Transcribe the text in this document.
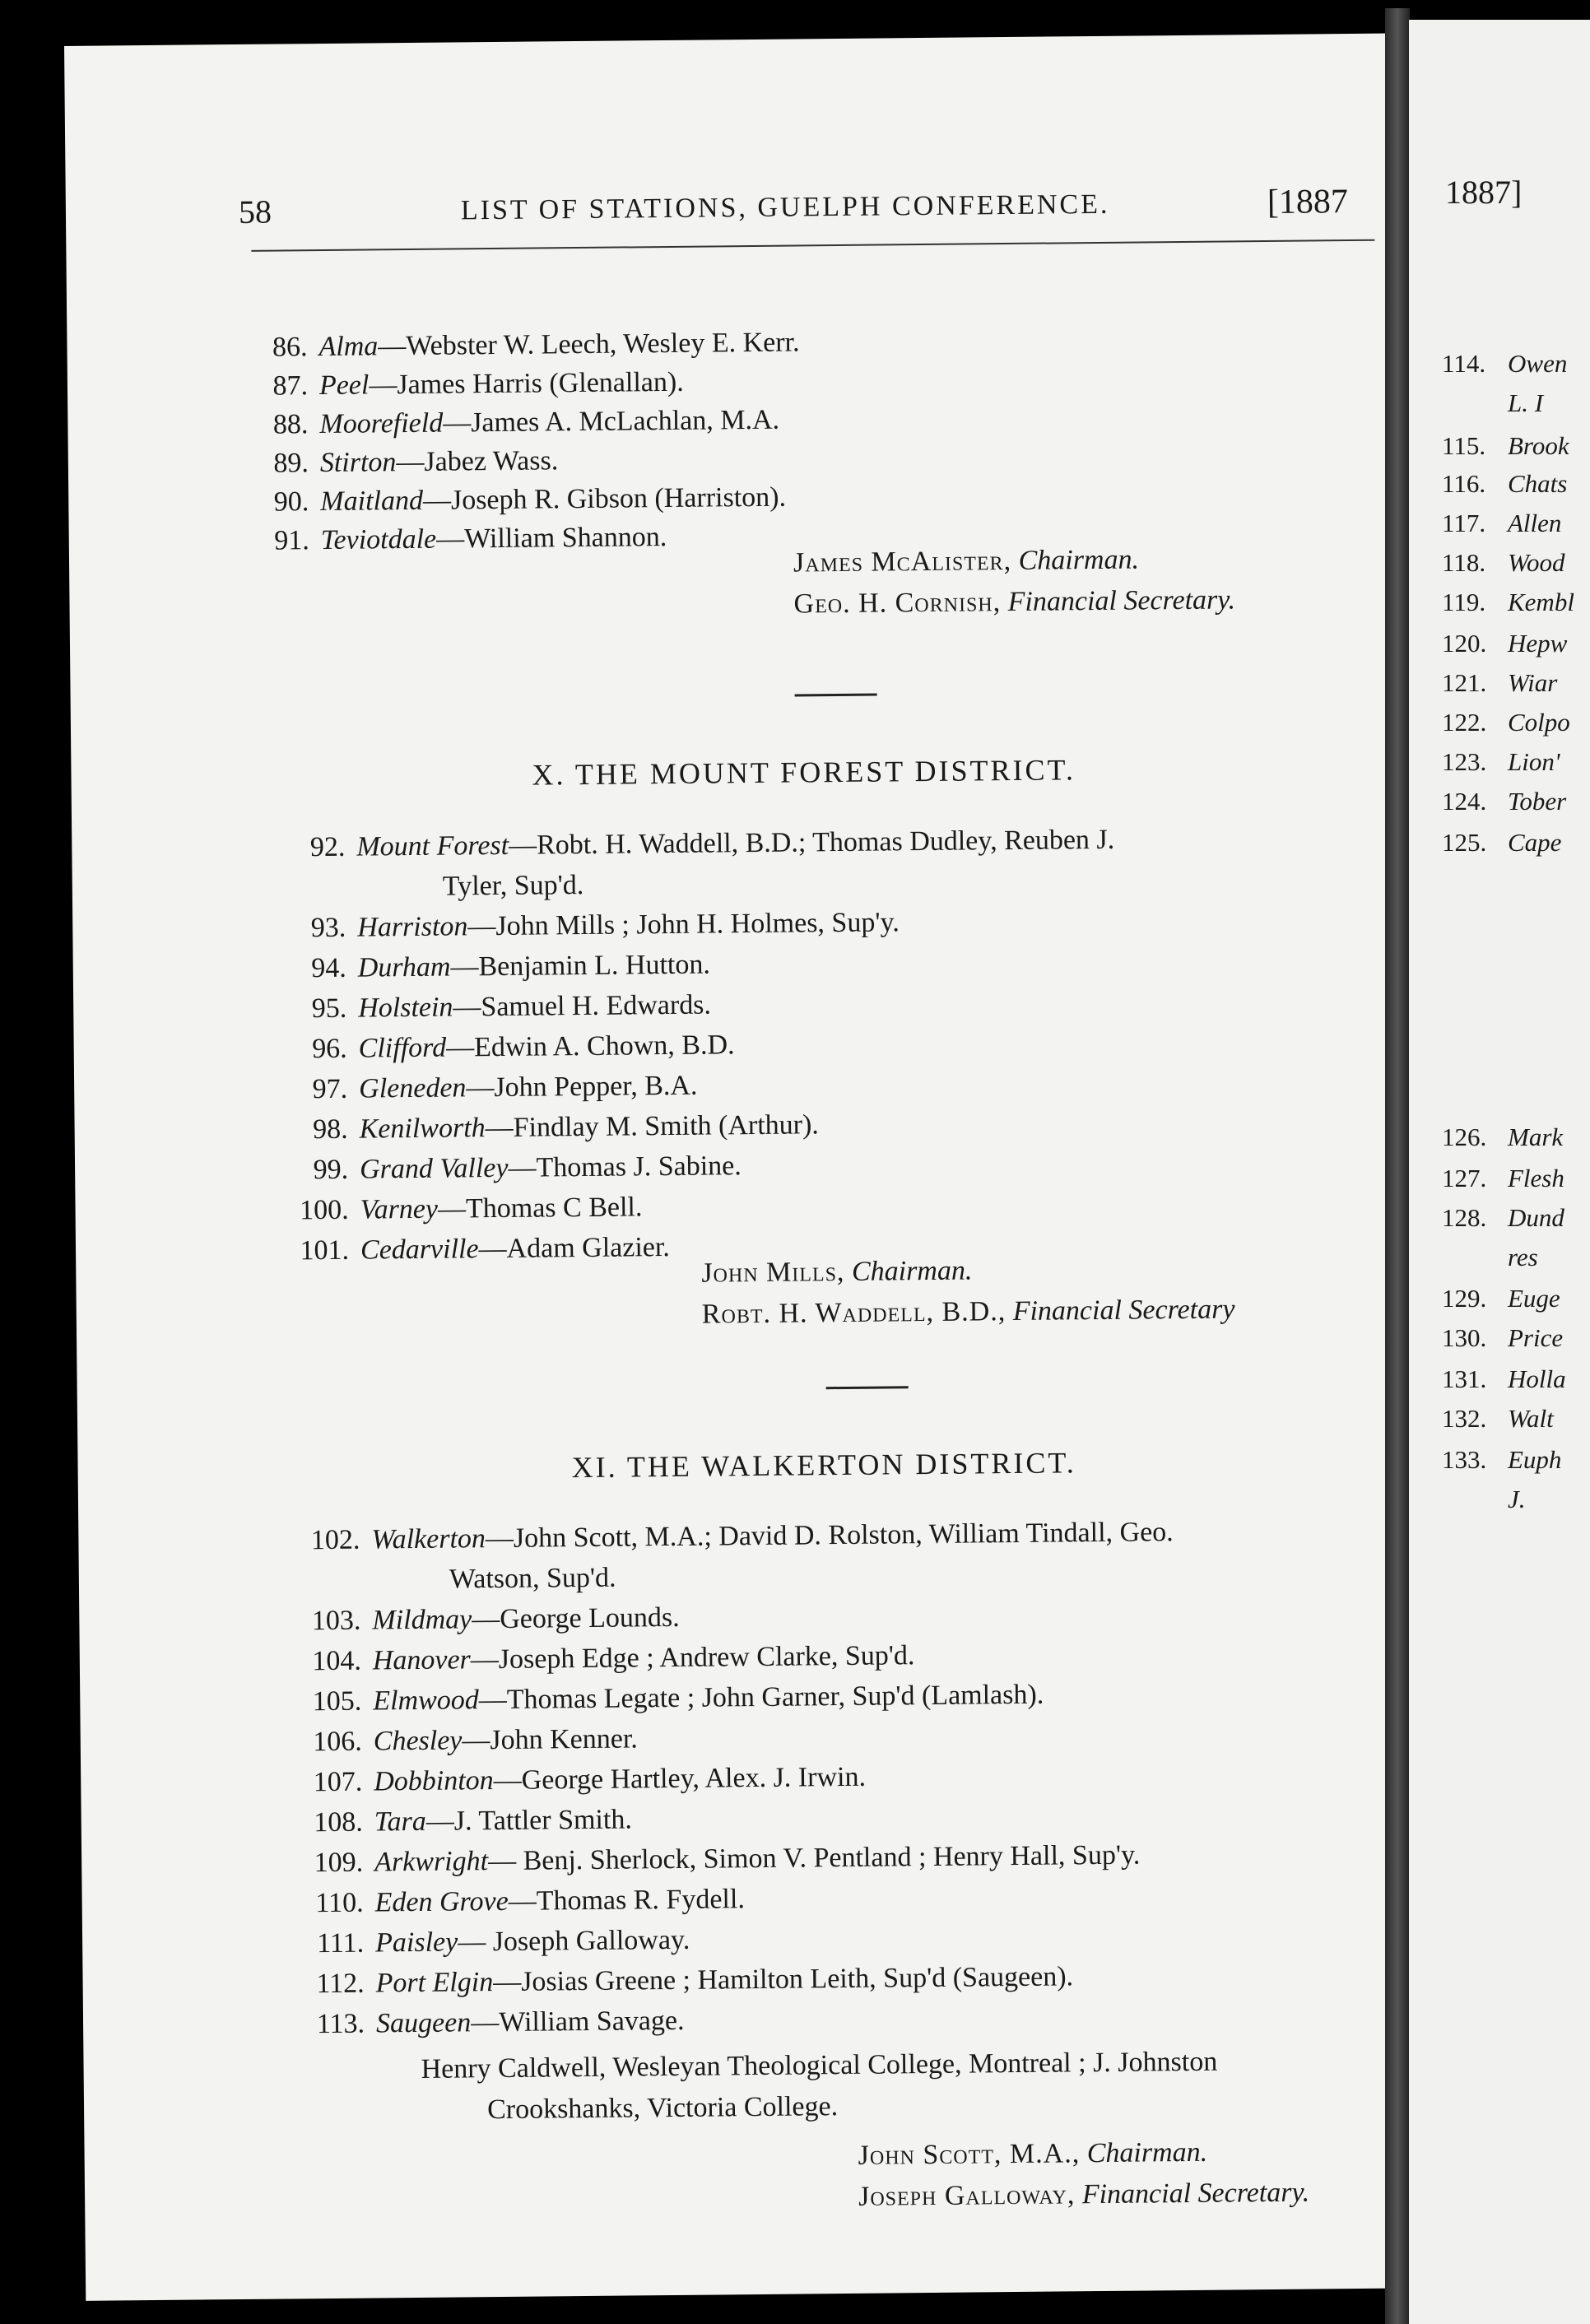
58	LIST OF STATIONS, GUELPH CONFERENCE.	[1887
86. Alma—Webster W. Leech, Wesley E. Kerr.
87. Peel—James Harris (Glenallan).
88. Moorefield—James A. McLachlan, M.A.
89. Stirton—Jabez Wass.
90. Maitland—Joseph R. Gibson (Harriston).
91. Teviotdale—William Shannon.
James McAlister, Chairman.
Geo. H. Cornish, Financial Secretary.
X. THE MOUNT FOREST DISTRICT.
92. Mount Forest—Robt. H. Waddell, B.D.; Thomas Dudley, Reuben J.
Tyler, Sup'd.
93. Harriston—John Mills ; John H. Holmes, Sup'y.
94. Durham—Benjamin L. Hutton.
95. Holstein—Samuel H. Edwards.
96. Clifford—Edwin A. Chown, B.D.
97. Gleneden—John Pepper, B.A.
98. Kenilworth—Findlay M. Smith (Arthur).
99. Grand Valley—Thomas J. Sabine.
100. Varney—Thomas C Bell.
101. Cedarville—Adam Glazier.
John Mills, Chairman.
Robt. H. Waddell, B.D., Financial Secretary
XI. THE WALKERTON DISTRICT.
102. Walkerton—John Scott, M.A.; David D. Rolston, William Tindall, Geo.
Watson, Sup'd.
103. Mildmay—George Lounds.
104. Hanover—Joseph Edge ; Andrew Clarke, Sup'd.
105. Elmwood—Thomas Legate ; John Garner, Sup'd (Lamlash).
106. Chesley—John Kenner.
107. Dobbinton—George Hartley, Alex. J. Irwin.
108. Tara—J. Tattler Smith.
109. Arkwright— Benj. Sherlock, Simon V. Pentland ; Henry Hall, Sup'y.
110. Eden Grove—Thomas R. Fydell.
111. Paisley— Joseph Galloway.
112. Port Elgin—Josias Greene ; Hamilton Leith, Sup'd (Saugeen).
113. Saugeen—William Savage.
Henry Caldwell, Wesleyan Theological College, Montreal ; J. Johnston
Crookshanks, Victoria College.
John Scott, M.A., Chairman.
Joseph Galloway, Financial Secretary.
1887]
114. Owen
L. I
115. Brook
116. Chats
117. Allen
118. Wood
119. Kembl
120. Hepw
121. Wiar
122. Colpo
123. Lion'
124. Tober
125. Cape
126. Mark
127. Flesh
128. Dund
res
129. Euge
130. Price
131. Holla
132. Walt
133. Euph
J.
